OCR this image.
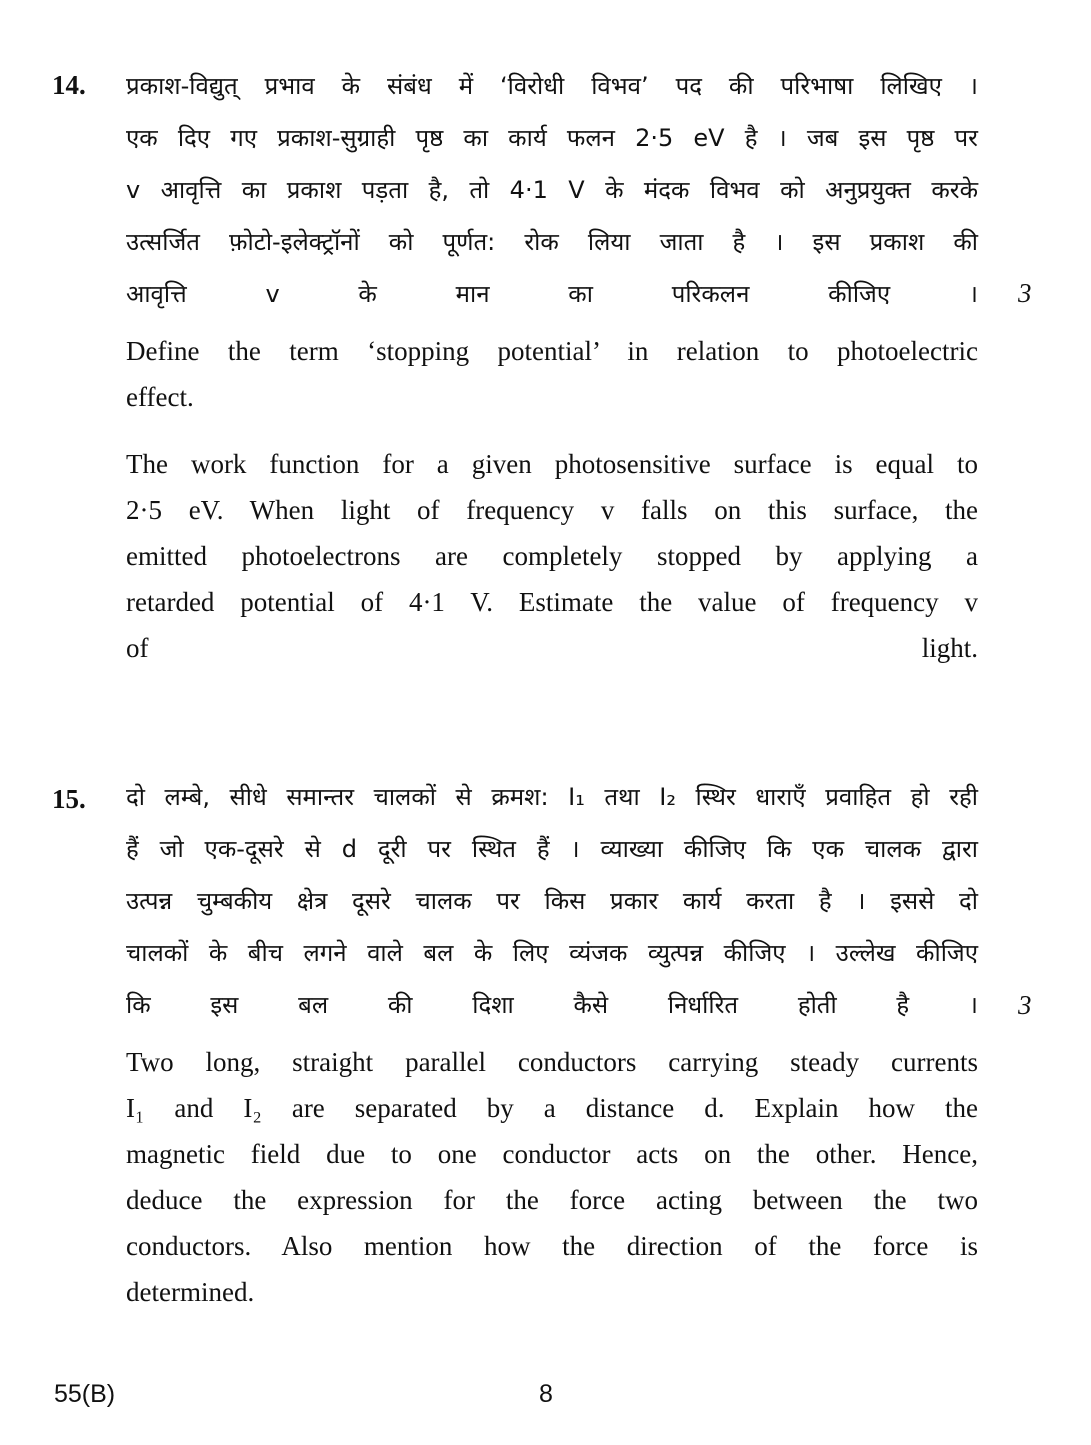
14. प्रकाश-विद्युत् प्रभाव के संबंध में ‘विरोधी विभव’ पद की परिभाषा लिखिए ।
एक दिए गए प्रकाश-सुग्राही पृष्ठ का कार्य फलन 2·5 eV है । जब इस पृष्ठ पर
v आवृत्ति का प्रकाश पड़ता है, तो 4·1 V के मंदक विभव को अनुप्रयुक्त करके
उत्सर्जित फ़ोटो-इलेक्ट्रॉनों को पूर्णत: रोक लिया जाता है । इस प्रकाश की
आवृत्ति v के मान का परिकलन कीजिए । 3
Define the term ‘stopping potential’ in relation to photoelectric
effect.
The work function for a given photosensitive surface is equal to
2·5 eV. When light of frequency v falls on this surface, the
emitted photoelectrons are completely stopped by applying a
retarded potential of 4·1 V. Estimate the value of frequency v
of light.
15. दो लम्बे, सीधे समान्तर चालकों से क्रमश: I₁ तथा I₂ स्थिर धाराएँ प्रवाहित हो रही
हैं जो एक-दूसरे से d दूरी पर स्थित हैं । व्याख्या कीजिए कि एक चालक द्वारा
उत्पन्न चुम्बकीय क्षेत्र दूसरे चालक पर किस प्रकार कार्य करता है । इससे दो
चालकों के बीच लगने वाले बल के लिए व्यंजक व्युत्पन्न कीजिए । उल्लेख कीजिए
कि इस बल की दिशा कैसे निर्धारित होती है । 3
Two long, straight parallel conductors carrying steady currents
I₁ and I₂ are separated by a distance d. Explain how the
magnetic field due to one conductor acts on the other. Hence,
deduce the expression for the force acting between the two
conductors. Also mention how the direction of the force is
determined.
55(B)	8
